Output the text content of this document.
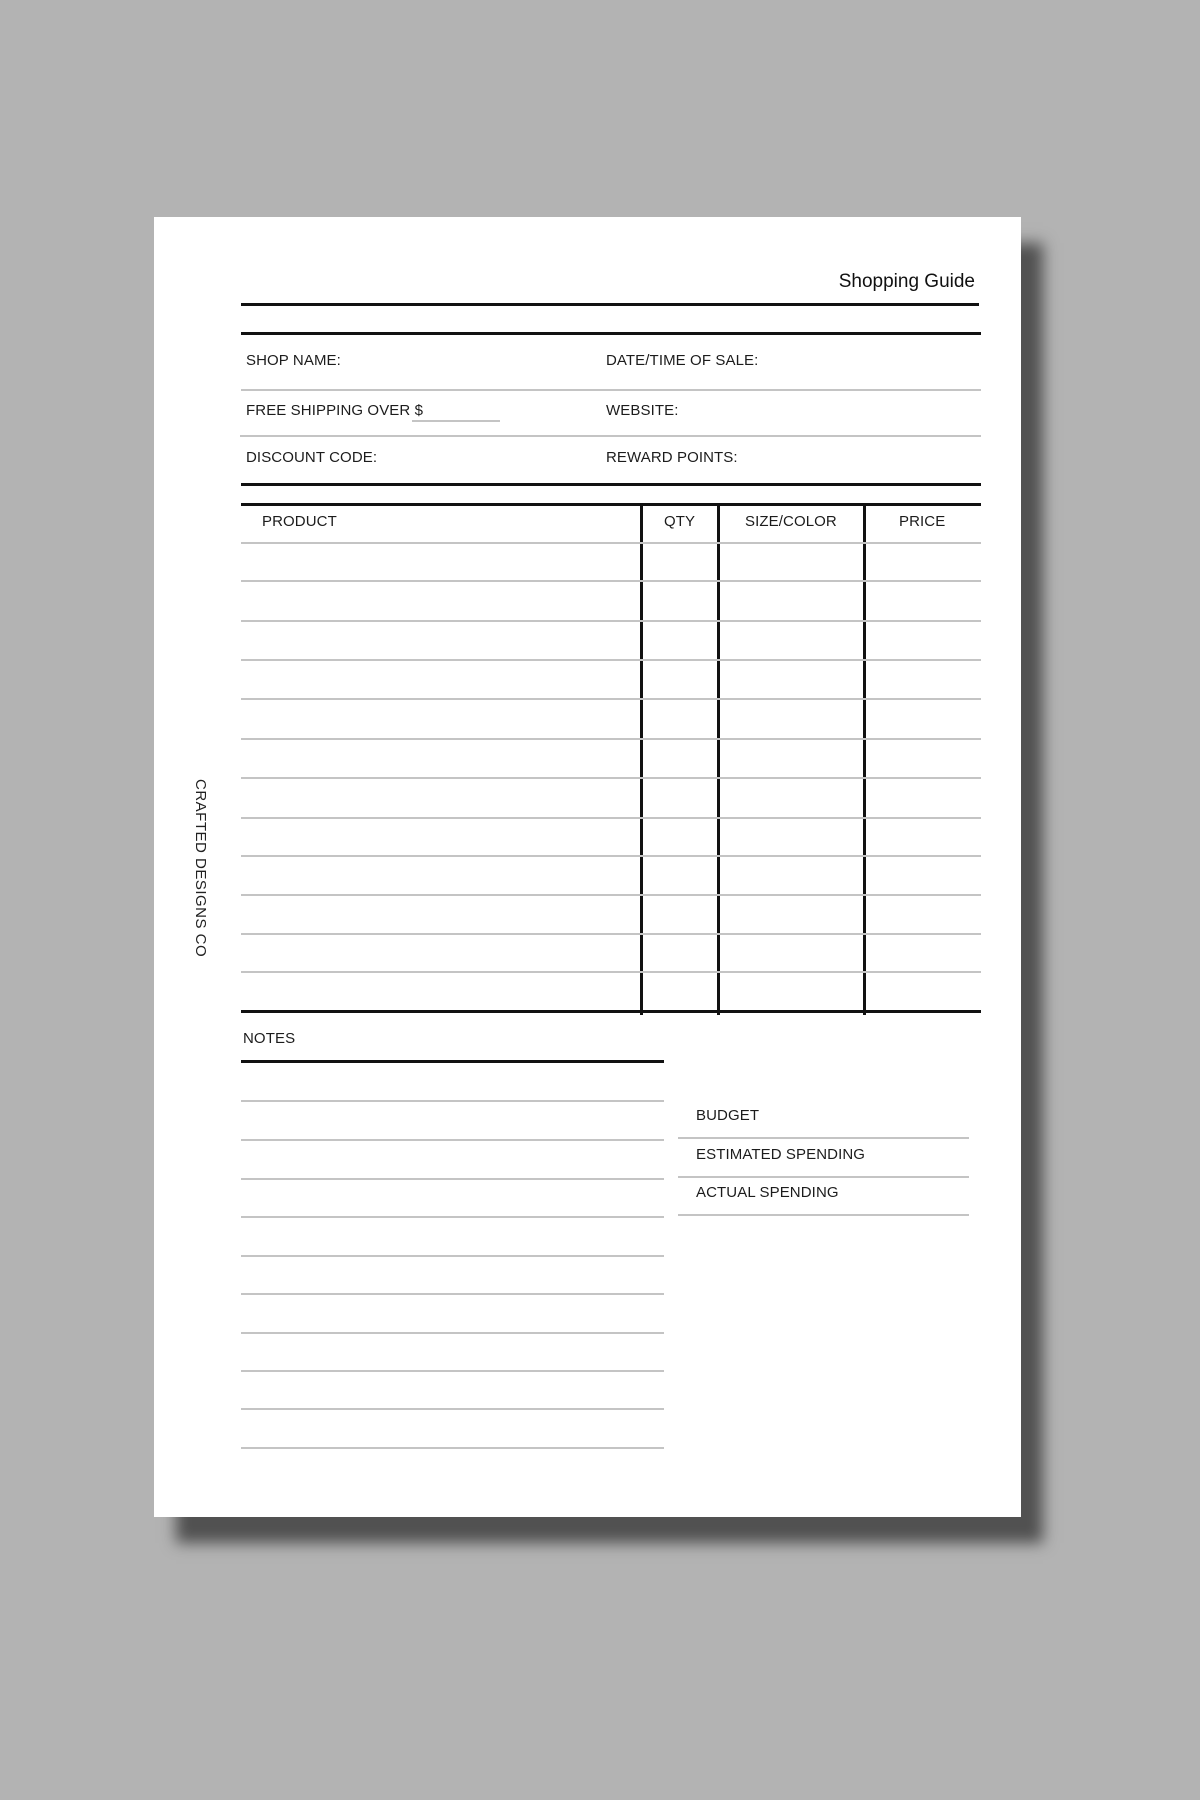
Shopping Guide
CRAFTED DESIGNS CO
SHOP NAME:	DATE/TIME OF SALE:
FREE SHIPPING OVER $	WEBSITE:
DISCOUNT CODE:	REWARD POINTS:
PRODUCT	QTY	SIZE/COLOR	PRICE
NOTES
BUDGET
ESTIMATED SPENDING
ACTUAL SPENDING
